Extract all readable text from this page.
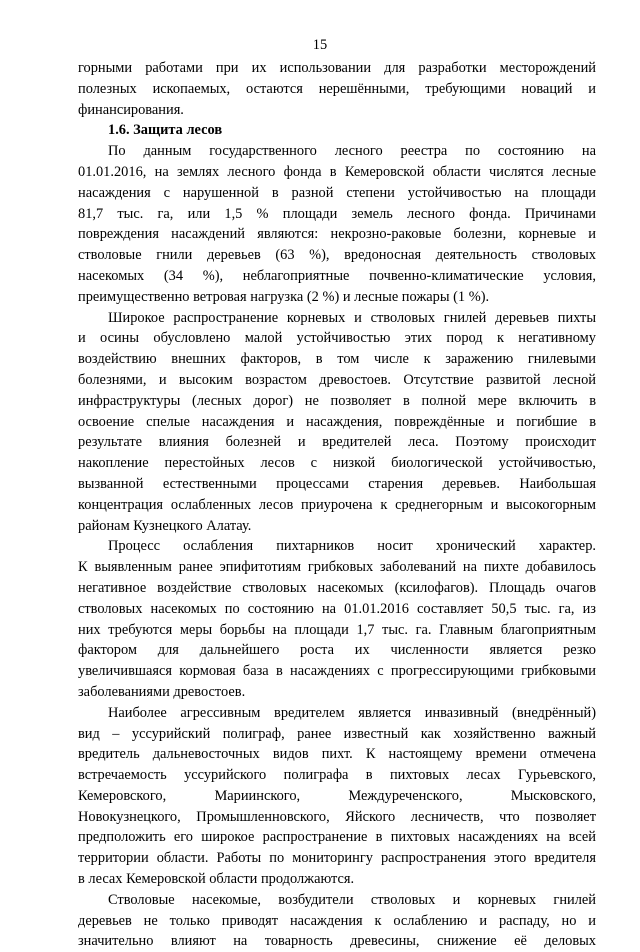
15
горными работами при их использовании для разработки месторождений
полезных ископаемых, остаются нерешёнными, требующими новаций и
финансирования.
1.6. Защита лесов
По данным государственного лесного реестра по состоянию на
01.01.2016, на землях лесного фонда в Кемеровской области числятся лесные
насаждения с нарушенной в разной степени устойчивостью на площади
81,7 тыс. га, или 1,5 % площади земель лесного фонда. Причинами
повреждения насаждений являются: некрозно-раковые болезни, корневые и
стволовые гнили деревьев (63 %), вредоносная деятельность стволовых
насекомых (34 %), неблагоприятные почвенно-климатические условия,
преимущественно ветровая нагрузка (2 %) и лесные пожары (1 %).
Широкое распространение корневых и стволовых гнилей деревьев пихты
и осины обусловлено малой устойчивостью этих пород к негативному
воздействию внешних факторов, в том числе к заражению гнилевыми
болезнями, и высоким возрастом древостоев. Отсутствие развитой лесной
инфраструктуры (лесных дорог) не позволяет в полной мере включить в
освоение спелые насаждения и насаждения, повреждённые и погибшие в
результате влияния болезней и вредителей леса. Поэтому происходит
накопление перестойных лесов с низкой биологической устойчивостью,
вызванной естественными процессами старения деревьев. Наибольшая
концентрация ослабленных лесов приурочена к среднегорным и высокогорным
районам Кузнецкого Алатау.
Процесс ослабления пихтарников носит хронический характер.
К выявленным ранее эпифитотиям грибковых заболеваний на пихте добавилось
негативное воздействие стволовых насекомых (ксилофагов). Площадь очагов
стволовых насекомых по состоянию на 01.01.2016 составляет 50,5 тыс. га, из
них требуются меры борьбы на площади 1,7 тыс. га. Главным благоприятным
фактором для дальнейшего роста их численности является резко
увеличившаяся кормовая база в насаждениях с прогрессирующими грибковыми
заболеваниями древостоев.
Наиболее агрессивным вредителем является инвазивный (внедрённый)
вид – уссурийский полиграф, ранее известный как хозяйственно важный
вредитель дальневосточных видов пихт. К настоящему времени отмечена
встречаемость уссурийского полиграфа в пихтовых лесах Гурьевского,
Кемеровского, Мариинского, Междуреченского, Мысковского,
Новокузнецкого, Промышленновского, Яйского лесничеств, что позволяет
предположить его широкое распространение в пихтовых насаждениях на всей
территории области. Работы по мониторингу распространения этого вредителя
в лесах Кемеровской области продолжаются.
Стволовые насекомые, возбудители стволовых и корневых гнилей
деревьев не только приводят насаждения к ослаблению и распаду, но и
значительно влияют на товарность древесины, снижение её деловых
